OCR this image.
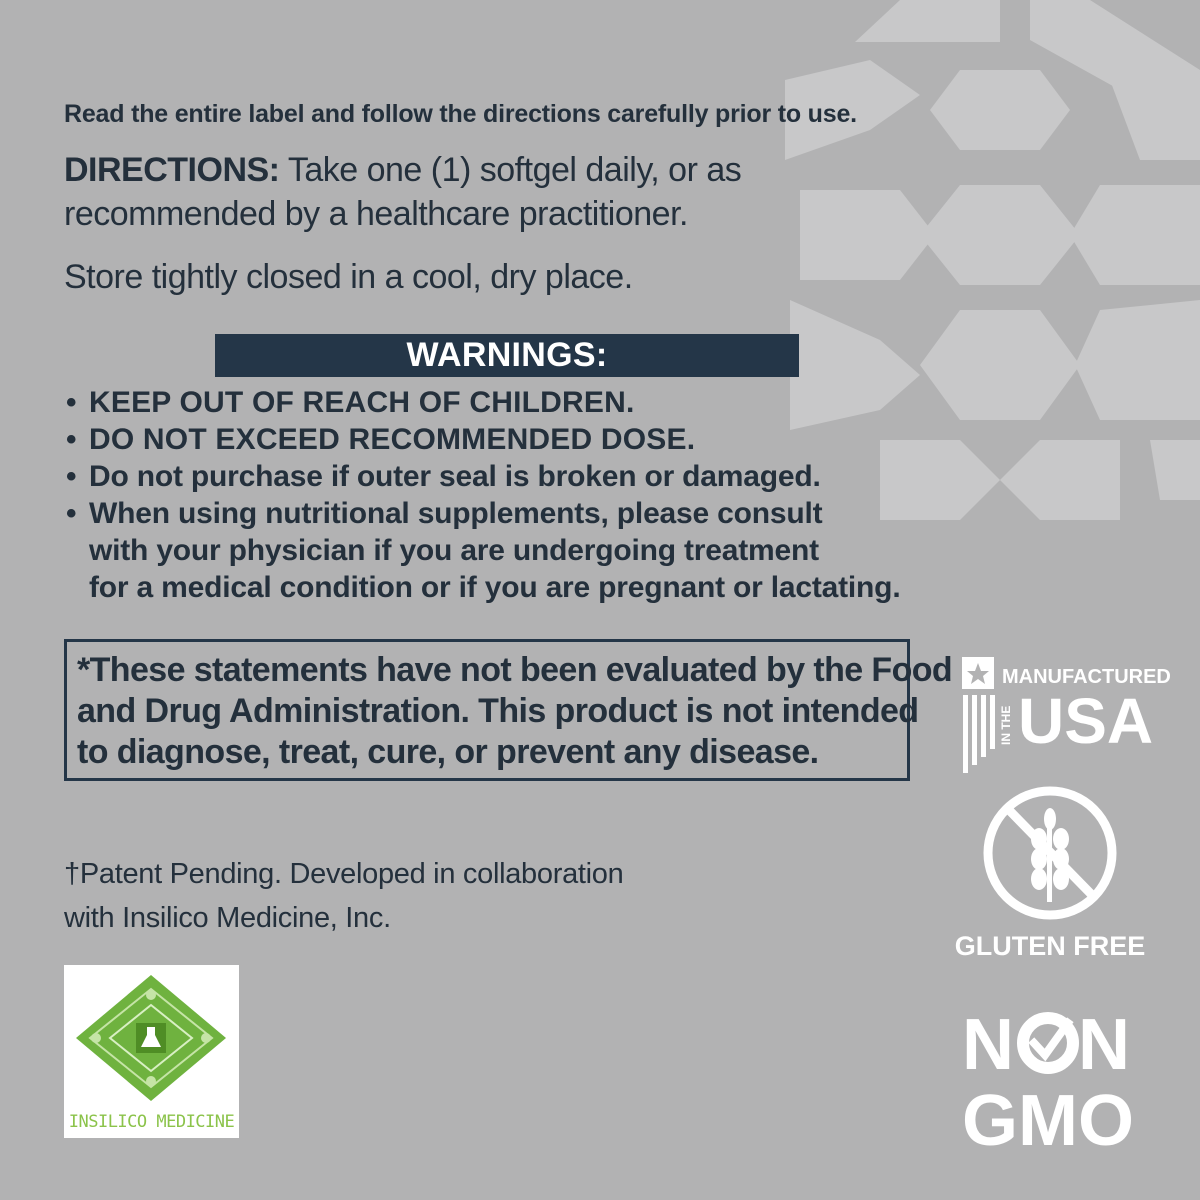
Read the entire label and follow the directions carefully prior to use.

DIRECTIONS: Take one (1) softgel daily, or as
recommended by a healthcare practitioner.

Store tightly closed in a cool, dry place.

WARNINGS:
• KEEP OUT OF REACH OF CHILDREN.
• DO NOT EXCEED RECOMMENDED DOSE.
• Do not purchase if outer seal is broken or damaged.
• When using nutritional supplements, please consult
with your physician if you are undergoing treatment
for a medical condition or if you are pregnant or lactating.
*These statements have not been evaluated by the Food
and Drug Administration. This product is not intended
to diagnose, treat, cure, or prevent any disease.

†Patent Pending. Developed in collaboration
with Insilico Medicine, Inc.

INSILICO MEDICINE
MANUFACTURED
IN THE USA
GLUTEN FREE
N N
GMO
